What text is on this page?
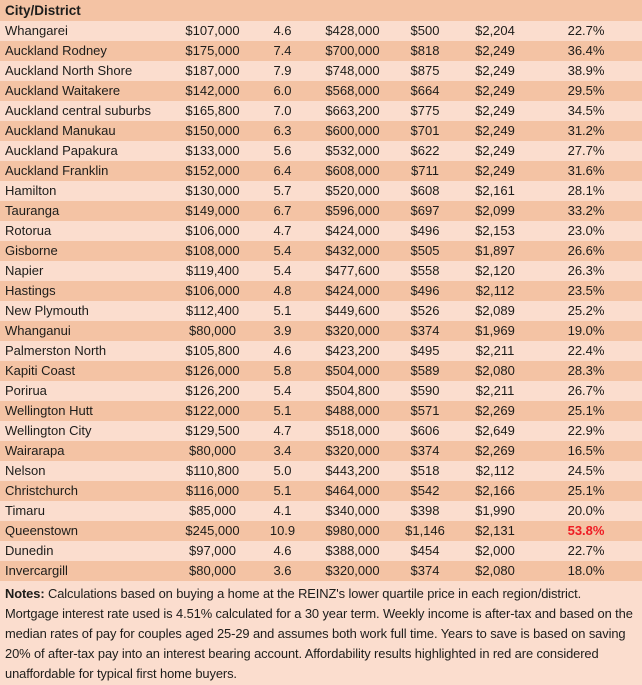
City/District						
Whangarei	$107,000	4.6	$428,000	$500	$2,204	22.7%
Auckland Rodney	$175,000	7.4	$700,000	$818	$2,249	36.4%
Auckland North Shore	$187,000	7.9	$748,000	$875	$2,249	38.9%
Auckland Waitakere	$142,000	6.0	$568,000	$664	$2,249	29.5%
Auckland central suburbs	$165,800	7.0	$663,200	$775	$2,249	34.5%
Auckland Manukau	$150,000	6.3	$600,000	$701	$2,249	31.2%
Auckland Papakura	$133,000	5.6	$532,000	$622	$2,249	27.7%
Auckland Franklin	$152,000	6.4	$608,000	$711	$2,249	31.6%
Hamilton	$130,000	5.7	$520,000	$608	$2,161	28.1%
Tauranga	$149,000	6.7	$596,000	$697	$2,099	33.2%
Rotorua	$106,000	4.7	$424,000	$496	$2,153	23.0%
Gisborne	$108,000	5.4	$432,000	$505	$1,897	26.6%
Napier	$119,400	5.4	$477,600	$558	$2,120	26.3%
Hastings	$106,000	4.8	$424,000	$496	$2,112	23.5%
New Plymouth	$112,400	5.1	$449,600	$526	$2,089	25.2%
Whanganui	$80,000	3.9	$320,000	$374	$1,969	19.0%
Palmerston North	$105,800	4.6	$423,200	$495	$2,211	22.4%
Kapiti Coast	$126,000	5.8	$504,000	$589	$2,080	28.3%
Porirua	$126,200	5.4	$504,800	$590	$2,211	26.7%
Wellington Hutt	$122,000	5.1	$488,000	$571	$2,269	25.1%
Wellington City	$129,500	4.7	$518,000	$606	$2,649	22.9%
Wairarapa	$80,000	3.4	$320,000	$374	$2,269	16.5%
Nelson	$110,800	5.0	$443,200	$518	$2,112	24.5%
Christchurch	$116,000	5.1	$464,000	$542	$2,166	25.1%
Timaru	$85,000	4.1	$340,000	$398	$1,990	20.0%
Queenstown	$245,000	10.9	$980,000	$1,146	$2,131	53.8%
Dunedin	$97,000	4.6	$388,000	$454	$2,000	22.7%
Invercargill	$80,000	3.6	$320,000	$374	$2,080	18.0%
Notes: Calculations based on buying a home at the REINZ's lower quartile price in each region/district. Mortgage interest rate used is 4.51% calculated for a 30 year term. Weekly income is after-tax and based on the median rates of pay for couples aged 25-29 and assumes both work full time. Years to save is based on saving 20% of after-tax pay into an interest bearing account. Affordability results highlighted in red are considered unaffordable for typical first home buyers.
